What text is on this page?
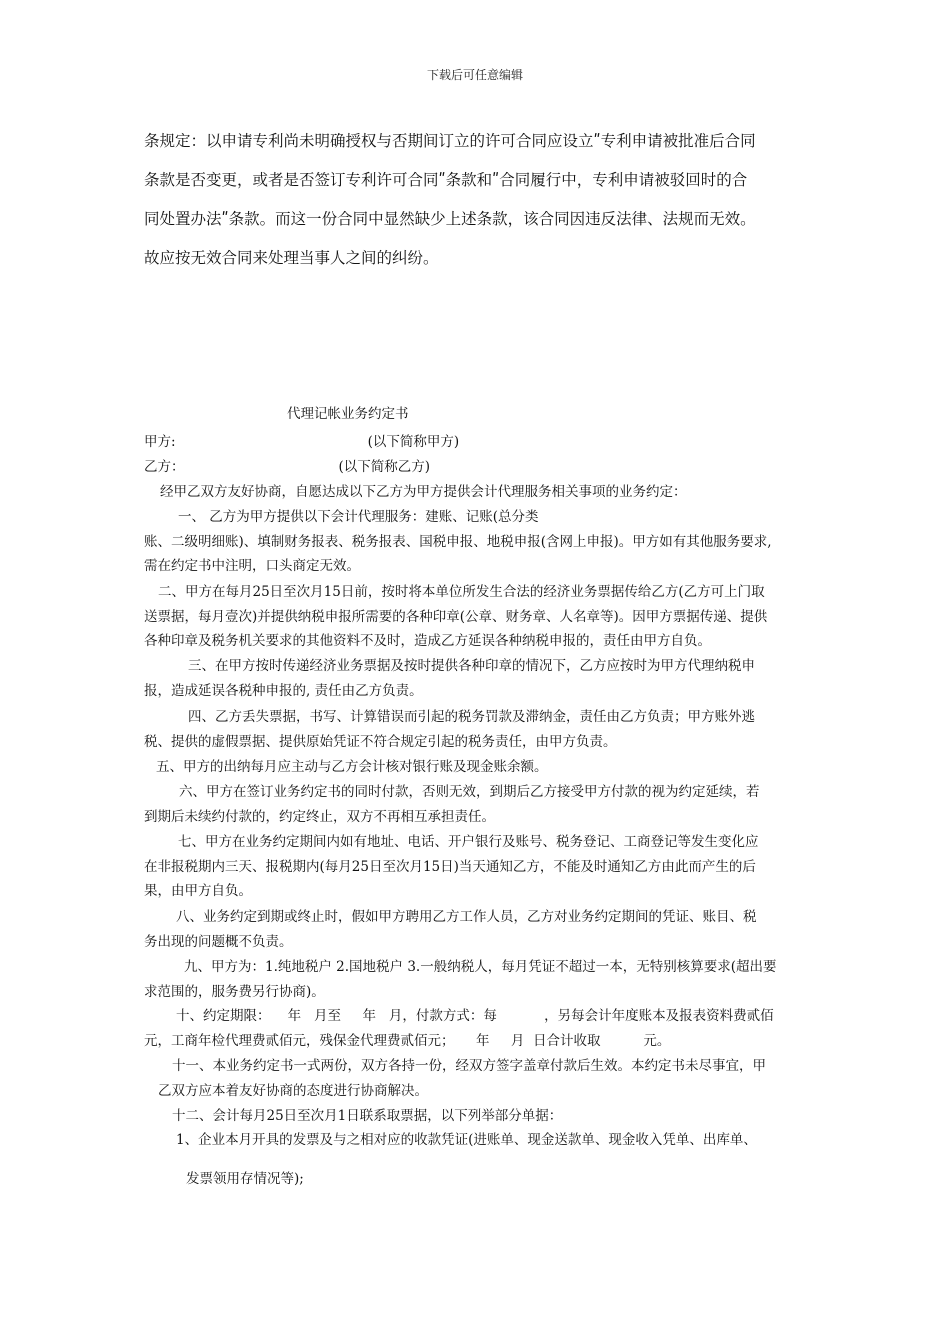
下载后可任意编辑
条规定：以申请专利尚未明确授权与否期间订立的许可合同应设立ʺ专利申请被批准后合同
条款是否变更，或者是否签订专利许可合同ʺ条款和ʺ合同履行中，专利申请被驳回时的合
同处置办法ʺ条款。而这一份合同中显然缺少上述条款，该合同因违反法律、法规而无效。
故应按无效合同来处理当事人之间的纠纷。
代理记帐业务约定书
甲方:	(以下简称甲方)
乙方：	(以下简称乙方)
经甲乙双方友好协商，自愿达成以下乙方为甲方提供会计代理服务相关事项的业务约定：
一、 乙方为甲方提供以下会计代理服务：建账、记账(总分类
账、二级明细账)、填制财务报表、税务报表、国税申报、地税申报(含网上申报)。甲方如有其他服务要求,
需在约定书中注明，口头商定无效。
二、甲方在每月25日至次月15日前，按时将本单位所发生合法的经济业务票据传给乙方(乙方可上门取
送票据，每月壹次)并提供纳税申报所需要的各种印章(公章、财务章、人名章等)。因甲方票据传递、提供
各种印章及税务机关要求的其他资料不及时，造成乙方延误各种纳税申报的，责任由甲方自负。
三、在甲方按时传递经济业务票据及按时提供各种印章的情况下，乙方应按时为甲方代理纳税申
报，造成延误各税种申报的, 责任由乙方负责。
四、乙方丢失票据，书写、计算错误而引起的税务罚款及滞纳金，责任由乙方负责；甲方账外逃
税、提供的虚假票据、提供原始凭证不符合规定引起的税务责任，由甲方负责。
五、甲方的出纳每月应主动与乙方会计核对银行账及现金账余额。
六、甲方在签订业务约定书的同时付款，否则无效，到期后乙方接受甲方付款的视为约定延续，若
到期后未续约付款的，约定终止，双方不再相互承担责任。
七、甲方在业务约定期间内如有地址、电话、开户银行及账号、税务登记、工商登记等发生变化应
在非报税期内三天、报税期内(每月25日至次月15日)当天通知乙方，不能及时通知乙方由此而产生的后
果，由甲方自负。
八、业务约定到期或终止时，假如甲方聘用乙方工作人员，乙方对业务约定期间的凭证、账目、税
务出现的问题概不负责。
九、甲方为：1.纯地税户 2.国地税户 3.一般纳税人，每月凭证不超过一本，无特别核算要求(超出要
求范围的，服务费另行协商)。
十、约定期限：    年   月至     年   月，付款方式：每           ，另每会计年度账本及报表资料费贰佰
元，工商年检代理费贰佰元，残保金代理费贰佰元；     年     月  日合计收取          元。
十一、本业务约定书一式两份，双方各持一份，经双方签字盖章付款后生效。本约定书未尽事宜，甲
乙双方应本着友好协商的态度进行协商解决。
十二、会计每月25日至次月1日联系取票据，以下列举部分单据：
1、企业本月开具的发票及与之相对应的收款凭证(进账单、现金送款单、现金收入凭单、出库单、
发票领用存情况等);
